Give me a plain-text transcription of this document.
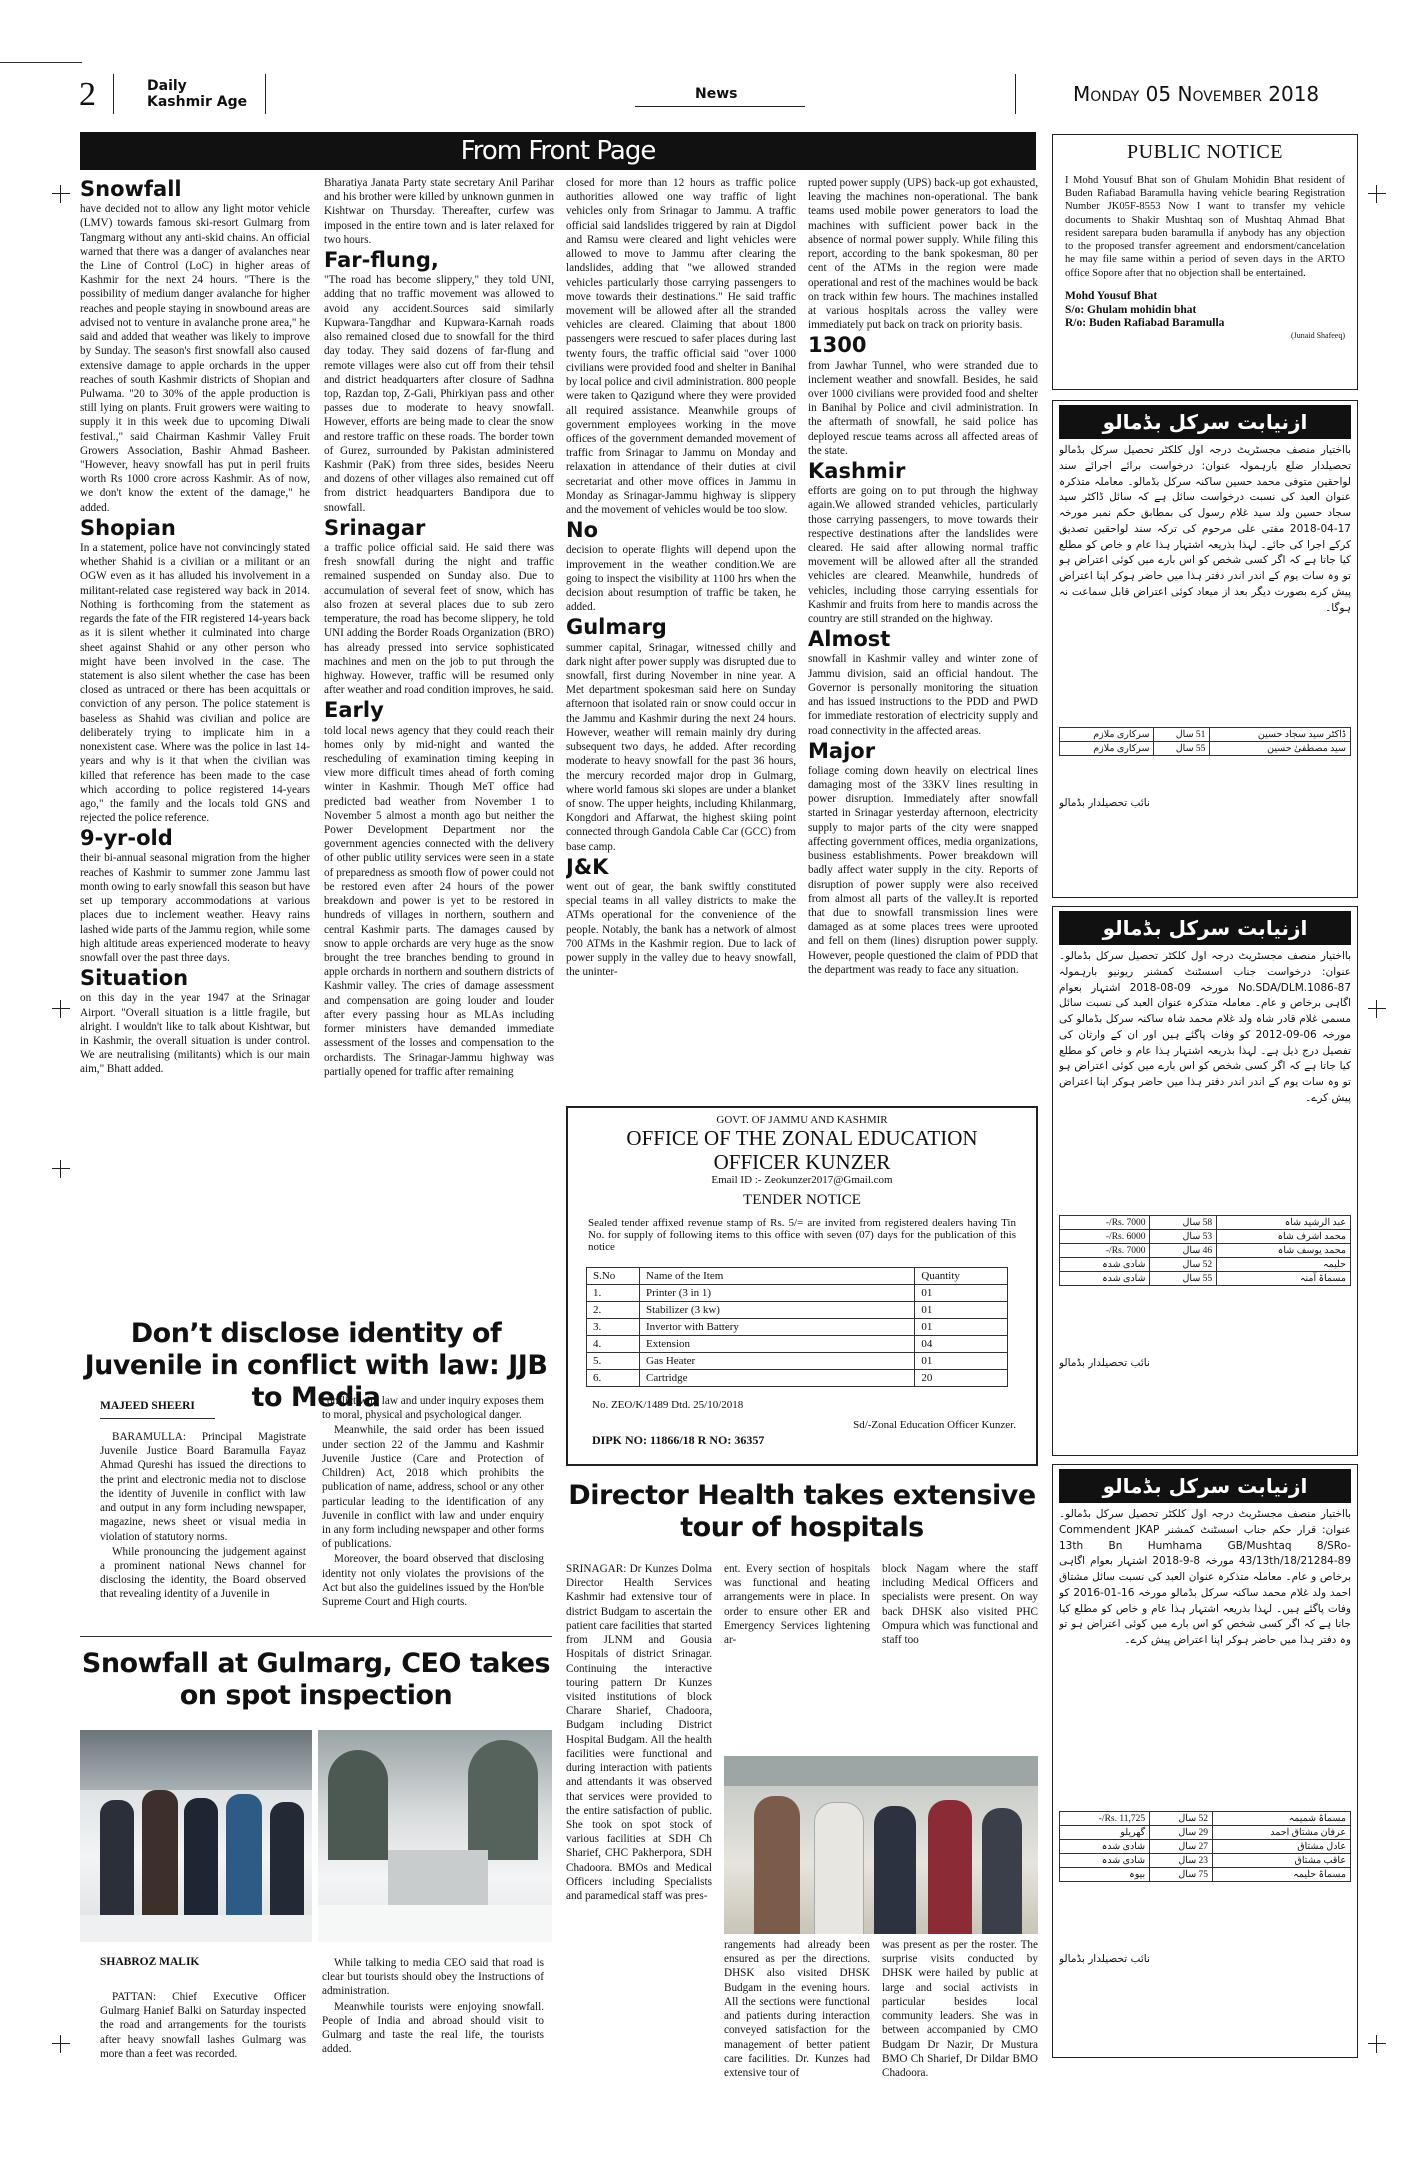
2	Daily
Kashmir Age
News	Monday 05 November 2018
From Front Page
Snowfall

have decided not to allow any light motor vehicle (LMV) towards famous ski-resort Gulmarg from Tangmarg without any anti-skid chains. An official warned that there was a danger of avalanches near the Line of Control (LoC) in higher areas of Kashmir for the next 24 hours. "There is the possibility of medium danger avalanche for higher reaches and people staying in snowbound areas are advised not to venture in avalanche prone area," he said and added that weather was likely to improve by Sunday. The season's first snowfall also caused extensive damage to apple orchards in the upper reaches of south Kashmir districts of Shopian and Pulwama. "20 to 30% of the apple production is still lying on plants. Fruit growers were waiting to supply it in this week due to upcoming Diwali festival.," said Chairman Kashmir Valley Fruit Growers Association, Bashir Ahmad Basheer. "However, heavy snowfall has put in peril fruits worth Rs 1000 crore across Kashmir. As of now, we don't know the extent of the damage," he added.

Shopian

In a statement, police have not convincingly stated whether Shahid is a civilian or a militant or an OGW even as it has alluded his involvement in a militant-related case registered way back in 2014. Nothing is forthcoming from the statement as regards the fate of the FIR registered 14-years back as it is silent whether it culminated into charge sheet against Shahid or any other person who might have been involved in the case. The statement is also silent whether the case has been closed as untraced or there has been acquittals or conviction of any person. The police statement is baseless as Shahid was civilian and police are deliberately trying to implicate him in a nonexistent case. Where was the police in last 14-years and why is it that when the civilian was killed that reference has been made to the case which according to police registered 14-years ago," the family and the locals told GNS and rejected the police reference.

9-yr-old

their bi-annual seasonal migration from the higher reaches of Kashmir to summer zone Jammu last month owing to early snowfall this season but have set up temporary accommodations at various places due to inclement weather. Heavy rains lashed wide parts of the Jammu region, while some high altitude areas experienced moderate to heavy snowfall over the past three days.

Situation

on this day in the year 1947 at the Srinagar Airport. "Overall situation is a little fragile, but alright. I wouldn't like to talk about Kishtwar, but in Kashmir, the overall situation is under control. We are neutralising (militants) which is our main aim," Bhatt added.

Bharatiya Janata Party state secretary Anil Parihar and his brother were killed by unknown gunmen in Kishtwar on Thursday. Thereafter, curfew was imposed in the entire town and is later relaxed for two hours.

Far-flung,

"The road has become slippery," they told UNI, adding that no traffic movement was allowed to avoid any accident.Sources said similarly Kupwara-Tangdhar and Kupwara-Karnah roads also remained closed due to snowfall for the third day today. They said dozens of far-flung and remote villages were also cut off from their tehsil and district headquarters after closure of Sadhna top, Razdan top, Z-Gali, Phirkiyan pass and other passes due to moderate to heavy snowfall. However, efforts are being made to clear the snow and restore traffic on these roads. The border town of Gurez, surrounded by Pakistan administered Kashmir (PaK) from three sides, besides Neeru and dozens of other villages also remained cut off from district headquarters Bandipora due to snowfall.

Srinagar

a traffic police official said. He said there was fresh snowfall during the night and traffic remained suspended on Sunday also. Due to accumulation of several feet of snow, which has also frozen at several places due to sub zero temperature, the road has become slippery, he told UNI adding the Border Roads Organization (BRO) has already pressed into service sophisticated machines and men on the job to put through the highway. However, traffic will be resumed only after weather and road condition improves, he said.

Early

told local news agency that they could reach their homes only by mid-night and wanted the rescheduling of examination timing keeping in view more difficult times ahead of forth coming winter in Kashmir. Though MeT office had predicted bad weather from November 1 to November 5 almost a month ago but neither the Power Development Department nor the government agencies connected with the delivery of other public utility services were seen in a state of preparedness as smooth flow of power could not be restored even after 24 hours of the power breakdown and power is yet to be restored in hundreds of villages in northern, southern and central Kashmir parts. The damages caused by snow to apple orchards are very huge as the snow brought the tree branches bending to ground in apple orchards in northern and southern districts of Kashmir valley. The cries of damage assessment and compensation are going louder and louder after every passing hour as MLAs including former ministers have demanded immediate assessment of the losses and compensation to the orchardists. The Srinagar-Jammu highway was partially opened for traffic after remaining

closed for more than 12 hours as traffic police authorities allowed one way traffic of light vehicles only from Srinagar to Jammu. A traffic official said landslides triggered by rain at Digdol and Ramsu were cleared and light vehicles were allowed to move to Jammu after clearing the landslides, adding that "we allowed stranded vehicles particularly those carrying passengers to move towards their destinations." He said traffic movement will be allowed after all the stranded vehicles are cleared. Claiming that about 1800 passengers were rescued to safer places during last twenty fours, the traffic official said "over 1000 civilians were provided food and shelter in Banihal by local police and civil administration. 800 people were taken to Qazigund where they were provided all required assistance. Meanwhile groups of government employees working in the move offices of the government demanded movement of traffic from Srinagar to Jammu on Monday and relaxation in attendance of their duties at civil secretariat and other move offices in Jammu in Monday as Srinagar-Jammu highway is slippery and the movement of vehicles would be too slow.

No

decision to operate flights will depend upon the improvement in the weather condition.We are going to inspect the visibility at 1100 hrs when the decision about resumption of traffic be taken, he added.

Gulmarg

summer capital, Srinagar, witnessed chilly and dark night after power supply was disrupted due to snowfall, first during November in nine year. A Met department spokesman said here on Sunday afternoon that isolated rain or snow could occur in the Jammu and Kashmir during the next 24 hours. However, weather will remain mainly dry during subsequent two days, he added. After recording moderate to heavy snowfall for the past 36 hours, the mercury recorded major drop in Gulmarg, where world famous ski slopes are under a blanket of snow. The upper heights, including Khilanmarg, Kongdori and Affarwat, the highest skiing point connected through Gandola Cable Car (GCC) from base camp.

J&K

went out of gear, the bank swiftly constituted special teams in all valley districts to make the ATMs operational for the convenience of the people. Notably, the bank has a network of almost 700 ATMs in the Kashmir region. Due to lack of power supply in the valley due to heavy snowfall, the uninter-

rupted power supply (UPS) back-up got exhausted, leaving the machines non-operational. The bank teams used mobile power generators to load the machines with sufficient power back in the absence of normal power supply. While filing this report, according to the bank spokesman, 80 per cent of the ATMs in the region were made operational and rest of the machines would be back on track within few hours. The machines installed at various hospitals across the valley were immediately put back on track on priority basis.

1300

from Jawhar Tunnel, who were stranded due to inclement weather and snowfall. Besides, he said over 1000 civilians were provided food and shelter in Banihal by Police and civil administration. In the aftermath of snowfall, he said police has deployed rescue teams across all affected areas of the state.

Kashmir

efforts are going on to put through the highway again.We allowed stranded vehicles, particularly those carrying passengers, to move towards their respective destinations after the landslides were cleared. He said after allowing normal traffic movement will be allowed after all the stranded vehicles are cleared. Meanwhile, hundreds of vehicles, including those carrying essentials for Kashmir and fruits from here to mandis across the country are still stranded on the highway.

Almost

snowfall in Kashmir valley and winter zone of Jammu division, said an official handout. The Governor is personally monitoring the situation and has issued instructions to the PDD and PWD for immediate restoration of electricity supply and road connectivity in the affected areas.

Major

foliage coming down heavily on electrical lines damaging most of the 33KV lines resulting in power disruption. Immediately after snowfall started in Srinagar yesterday afternoon, electricity supply to major parts of the city were snapped affecting government offices, media organizations, business establishments. Power breakdown will badly affect water supply in the city. Reports of disruption of power supply were also received from almost all parts of the valley.It is reported that due to snowfall transmission lines were damaged as at some places trees were uprooted and fell on them (lines) disruption power supply. However, people questioned the claim of PDD that the department was ready to face any situation.

GOVT. OF JAMMU AND KASHMIR
OFFICE OF THE ZONAL EDUCATION
OFFICER KUNZER
Email ID :- Zeokunzer2017@Gmail.com
TENDER NOTICE
Sealed tender affixed revenue stamp of Rs. 5/= are invited from registered dealers having Tin No. for supply of following items to this office with seven (07) days for the publication of this notice
S.No	Name of the Item	Quantity
1.	Printer (3 in 1)	01
2.	Stabilizer (3 kw)	01
3.	Invertor with Battery	01
4.	Extension	04
5.	Gas Heater	01
6.	Cartridge	20
No. ZEO/K/1489 Dtd. 25/10/2018
Sd/-Zonal Education Officer Kunzer.
DIPK NO: 11866/18 R NO: 36357
Don’t disclose identity of Juvenile in conflict with law: JJB to Media
MAJEED SHEERI

BARAMULLA: Principal Magistrate Juvenile Justice Board Baramulla Fayaz Ahmad Qureshi has issued the directions to the print and electronic media not to disclose the identity of Juvenile in conflict with law and output in any form including newspaper, magazine, news sheet or visual media in violation of statutory norms.

While pronouncing the judgement against a prominent national News channel for disclosing the identity, the Board observed that revealing identity of a Juvenile in

conflict with law and under inquiry exposes them to moral, physical and psychological danger.

Meanwhile, the said order has been issued under section 22 of the Jammu and Kashmir Juvenile Justice (Care and Protection of Children) Act, 2018 which prohibits the publication of name, address, school or any other particular leading to the identification of any Juvenile in conflict with law and under enquiry in any form including newspaper and other forms of publications.

Moreover, the board observed that disclosing identity not only violates the provisions of the Act but also the guidelines issued by the Hon'ble Supreme Court and High courts.

Snowfall at Gulmarg, CEO takes on spot inspection
SHABROZ MALIK

PATTAN: Chief Executive Officer Gulmarg Hanief Balki on Saturday inspected the road and arrangements for the tourists after heavy snowfall lashes Gulmarg was more than a feet was recorded.

While talking to media CEO said that road is clear but tourists should obey the Instructions of administration.

Meanwhile tourists were enjoying snowfall. People of India and abroad should visit to Gulmarg and taste the real life, the tourists added.

Director Health takes extensive tour of hospitals

SRINAGAR: Dr Kunzes Dolma Director Health Services Kashmir had extensive tour of district Budgam to ascertain the patient care facilities that started from JLNM and Gousia Hospitals of district Srinagar. Continuing the interactive touring pattern Dr Kunzes visited institutions of block Charare Sharief, Chadoora, Budgam including District Hospital Budgam. All the health facilities were functional and during interaction with patients and attendants it was observed that services were provided to the entire satisfaction of public. She took on spot stock of various facilities at SDH Ch Sharief, CHC Pakherpora, SDH Chadoora. BMOs and Medical Officers including Specialists and paramedical staff was pres-

ent. Every section of hospitals was functional and heating arrangements were in place. In order to ensure other ER and Emergency Services lightening ar-

block Nagam where the staff including Medical Officers and specialists were present. On way back DHSK also visited PHC Ompura which was functional and staff too

rangements had already been ensured as per the directions. DHSK also visited DHSK Budgam in the evening hours. All the sections were functional and patients during interaction conveyed satisfaction for the management of better patient care facilities. Dr. Kunzes had extensive tour of

was present as per the roster. The surprise visits conducted by DHSK were hailed by public at large and social activists in particular besides local community leaders. She was in between accompanied by CMO Budgam Dr Nazir, Dr Mustura BMO Ch Sharief, Dr Dildar BMO Chadoora.

PUBLIC NOTICE
I Mohd Yousuf Bhat son of Ghulam Mohidin Bhat resident of Buden Rafiabad Baramulla having vehicle bearing Registration Number JK05F-8553 Now I want to transfer my vehicle documents to Shakir Mushtaq son of Mushtaq Ahmad Bhat resident sarepara buden baramulla if anybody has any objection to the proposed transfer agreement and endorsment/cancelation he may file same within a period of seven days in the ARTO office Sopore after that no objection shall be entertained.
Mohd Yousuf Bhat
S/o: Ghulam mohidin bhat
R/o: Buden Rafiabad Baramulla
(Junaid Shafeeq)
ازنیابت سرکل بڈمالو
بااختیار منصف مجسٹریٹ درجہ اول کلکٹر تحصیل سرکل بڈمالو تحصیلدار ضلع بارہمولہ عنوان: درخواست برائے اجرائے سند لواحقین متوفی محمد حسین ساکنہ سرکل بڈمالو۔ معاملہ متذکرہ عنوان العبد کی نسبت درخواست سائل ہے کہ سائل ڈاکٹر سید سجاد حسین ولد سید غلام رسول کی بمطابق حکم نمبر مورخہ 17-04-2018 مفتی علی مرحوم کی ترکہ سند لواحقین تصدیق کرکے اجرا کی جائے۔ لہذا بذریعہ اشتہار ہذا عام و خاص کو مطلع کیا جاتا ہے کہ اگر کسی شخص کو اس بارے میں کوئی اعتراض ہو تو وہ سات یوم کے اندر اندر دفتر ہذا میں حاضر ہوکر اپنا اعتراض پیش کرے بصورت دیگر بعد از میعاد کوئی اعتراض قابل سماعت نہ ہوگا۔
ڈاکٹر سید سجاد حسین	51 سال	سرکاری ملازم
سید مصطفیٰ حسین	55 سال	سرکاری ملازم
نائب تحصیلدار بڈمالو
ازنیابت سرکل بڈمالو
بااختیار منصف مجسٹریٹ درجہ اول کلکٹر تحصیل سرکل بڈمالو۔ عنوان: درخواست جناب اسسٹنٹ کمشنر ریونیو بارہمولہ No.SDA/DLM.1086-87 مورخہ 09-08-2018 اشتہار بعوام اگاہی برخاص و عام۔ معاملہ متذکرہ عنوان العبد کی نسبت سائل مسمی غلام قادر شاہ ولد غلام محمد شاہ ساکنہ سرکل بڈمالو کی مورخہ 06-09-2012 کو وفات پاگئے ہیں اور ان کے وارثان کی تفصیل درج ذیل ہے۔ لہذا بذریعہ اشتہار ہذا عام و خاص کو مطلع کیا جاتا ہے کہ اگر کسی شخص کو اس بارے میں کوئی اعتراض ہو تو وہ سات یوم کے اندر اندر دفتر ہذا میں حاضر ہوکر اپنا اعتراض پیش کرے۔
عبد الرشید شاہ	58 سال	Rs. 7000/-
محمد اشرف شاہ	53 سال	Rs. 6000/-
محمد یوسف شاہ	46 سال	Rs. 7000/-
حلیمہ	52 سال	شادی شدہ
مسماۃ آمنہ	55 سال	شادی شدہ
نائب تحصیلدار بڈمالو
ازنیابت سرکل بڈمالو
بااختیار منصف مجسٹریٹ درجہ اول کلکٹر تحصیل سرکل بڈمالو۔ عنوان: قرار حکم جناب اسسٹنٹ کمشنر Commendent JKAP 13th Bn Humhama GB/Mushtaq 8/SRo-43/13th/18/21284-89 مورخہ 8-9-2018 اشتہار بعوام اگاہی برخاص و عام۔ معاملہ متذکرہ عنوان العبد کی نسبت سائل مشتاق احمد ولد غلام محمد ساکنہ سرکل بڈمالو مورخہ 16-01-2016 کو وفات پاگئے ہیں۔ لہذا بذریعہ اشتہار ہذا عام و خاص کو مطلع کیا جاتا ہے کہ اگر کسی شخص کو اس بارے میں کوئی اعتراض ہو تو وہ دفتر ہذا میں حاضر ہوکر اپنا اعتراض پیش کرے۔
مسماۃ شمیمہ	52 سال	Rs. 11,725/-
عرفان مشتاق احمد	29 سال	گھریلو
عادل مشتاق	27 سال	شادی شدہ
عاقب مشتاق	23 سال	شادی شدہ
مسماۃ حلیمہ	75 سال	بیوہ
نائب تحصیلدار بڈمالو
